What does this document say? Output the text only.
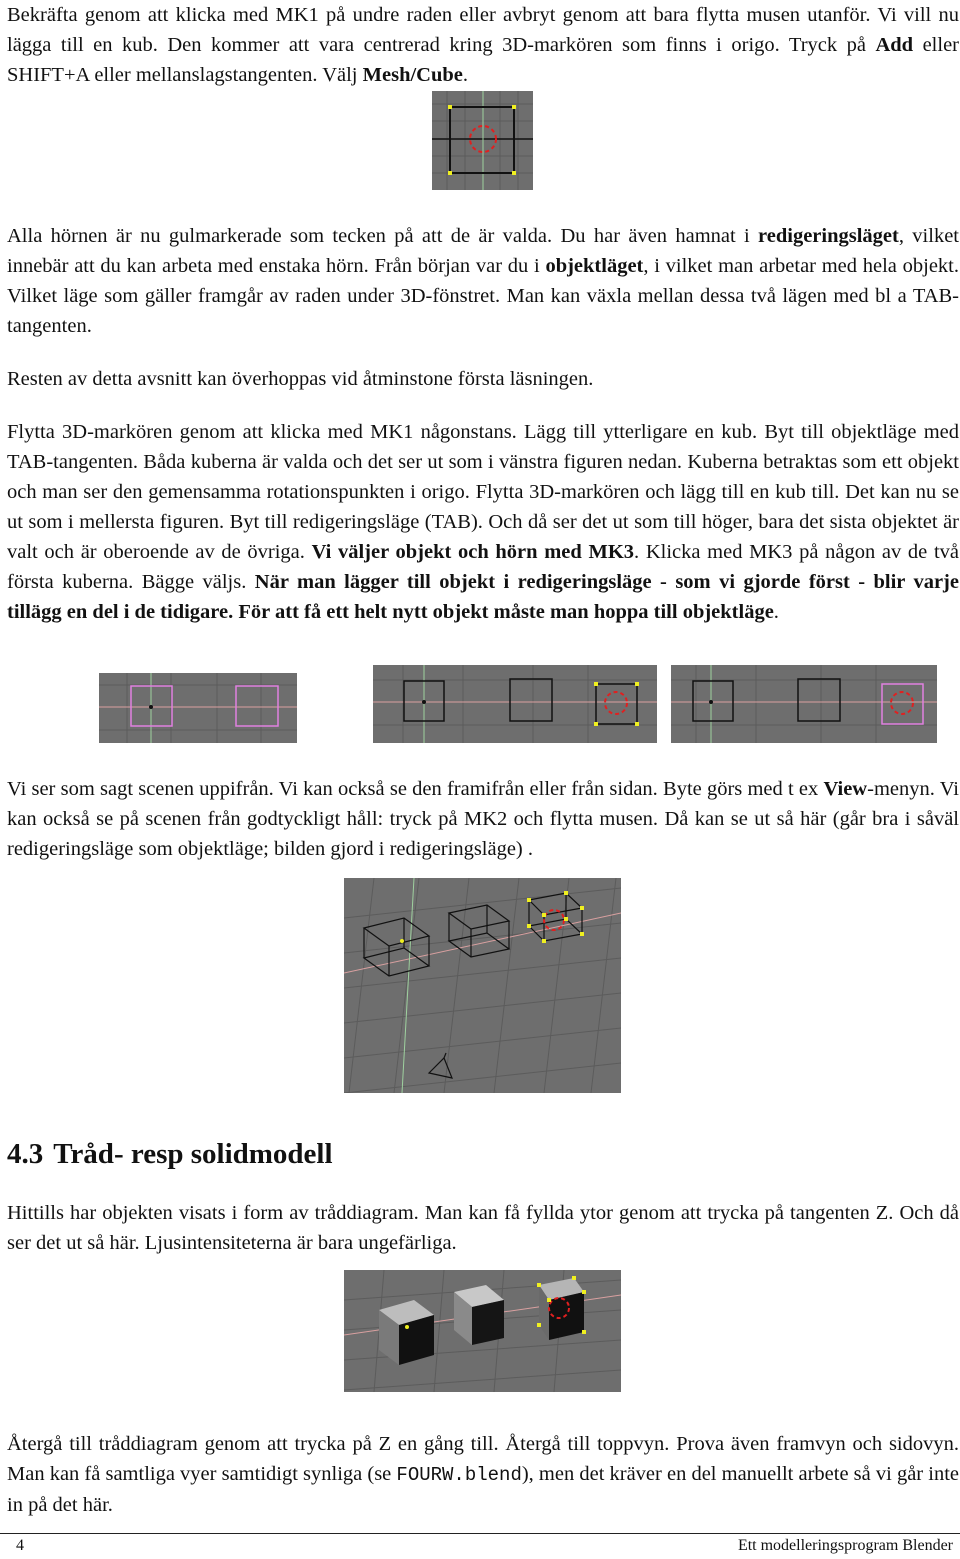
Bekräfta genom att klicka med MK1 på undre raden eller avbryt genom att bara flytta musen utanför. Vi vill nu lägga till en kub. Den kommer att vara centrerad kring 3D-markören som finns i origo. Tryck på Add eller SHIFT+A eller mellanslagstangenten. Välj Mesh/Cube.

Alla hörnen är nu gulmarkerade som tecken på att de är valda. Du har även hamnat i redigeringsläget, vilket innebär att du kan arbeta med enstaka hörn. Från början var du i objektläget, i vilket man arbetar med hela objekt. Vilket läge som gäller framgår av raden under 3D-fönstret. Man kan växla mellan dessa två lägen med bl a TAB-tangenten.

Resten av detta avsnitt kan överhoppas vid åtminstone första läsningen.

Flytta 3D-markören genom att klicka med MK1 någonstans. Lägg till ytterligare en kub. Byt till objektläge med TAB-tangenten. Båda kuberna är valda och det ser ut som i vänstra figuren nedan. Kuberna betraktas som ett objekt och man ser den gemensamma rotationspunkten i origo. Flytta 3D-markören och lägg till en kub till. Det kan nu se ut som i mellersta figuren. Byt till redigeringsläge (TAB). Och då ser det ut som till höger, bara det sista objektet är valt och är oberoende av de övriga. Vi väljer objekt och hörn med MK3. Klicka med MK3 på någon av de två första kuberna. Bägge väljs. När man lägger till objekt i redigeringsläge - som vi gjorde först - blir varje tillägg en del i de tidigare. För att få ett helt nytt objekt måste man hoppa till objektläge.

Vi ser som sagt scenen uppifrån. Vi kan också se den framifrån eller från sidan. Byte görs med t ex View-menyn. Vi kan också se på scenen från godtyckligt håll: tryck på MK2 och flytta musen. Då kan se ut så här (går bra i såväl redigeringsläge som objektläge; bilden gjord i redigeringsläge) .

4.3 Tråd- resp solidmodell

Hittills har objekten visats i form av tråddiagram. Man kan få fyllda ytor genom att trycka på tangenten Z. Och då ser det ut så här. Ljusintensiteterna är bara ungefärliga.

Återgå till tråddiagram genom att trycka på Z en gång till. Återgå till toppvyn. Prova även framvyn och sidovyn. Man kan få samtliga vyer samtidigt synliga (se FOURW.blend), men det kräver en del manuellt arbete så vi går inte in på det här.

4	Ett modelleringsprogram Blender
